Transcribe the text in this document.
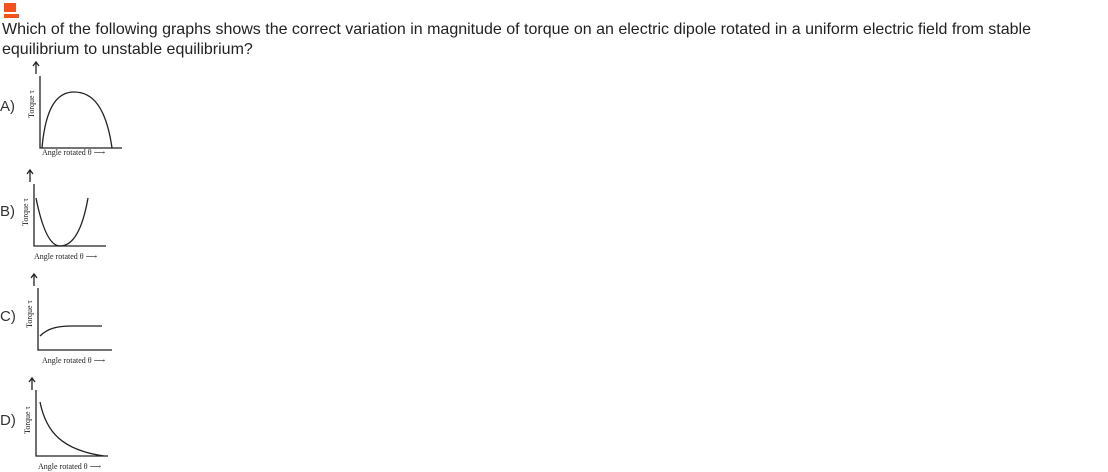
Which of the following graphs shows the correct variation in magnitude of torque on an electric dipole rotated in a uniform electric field from stable equilibrium to unstable equilibrium?
A) Torque τ
Angle rotated θ ⟶
B) Torque τ
Angle rotated θ ⟶
C) Torque τ
Angle rotated θ ⟶
D) Torque τ
Angle rotated θ ⟶
